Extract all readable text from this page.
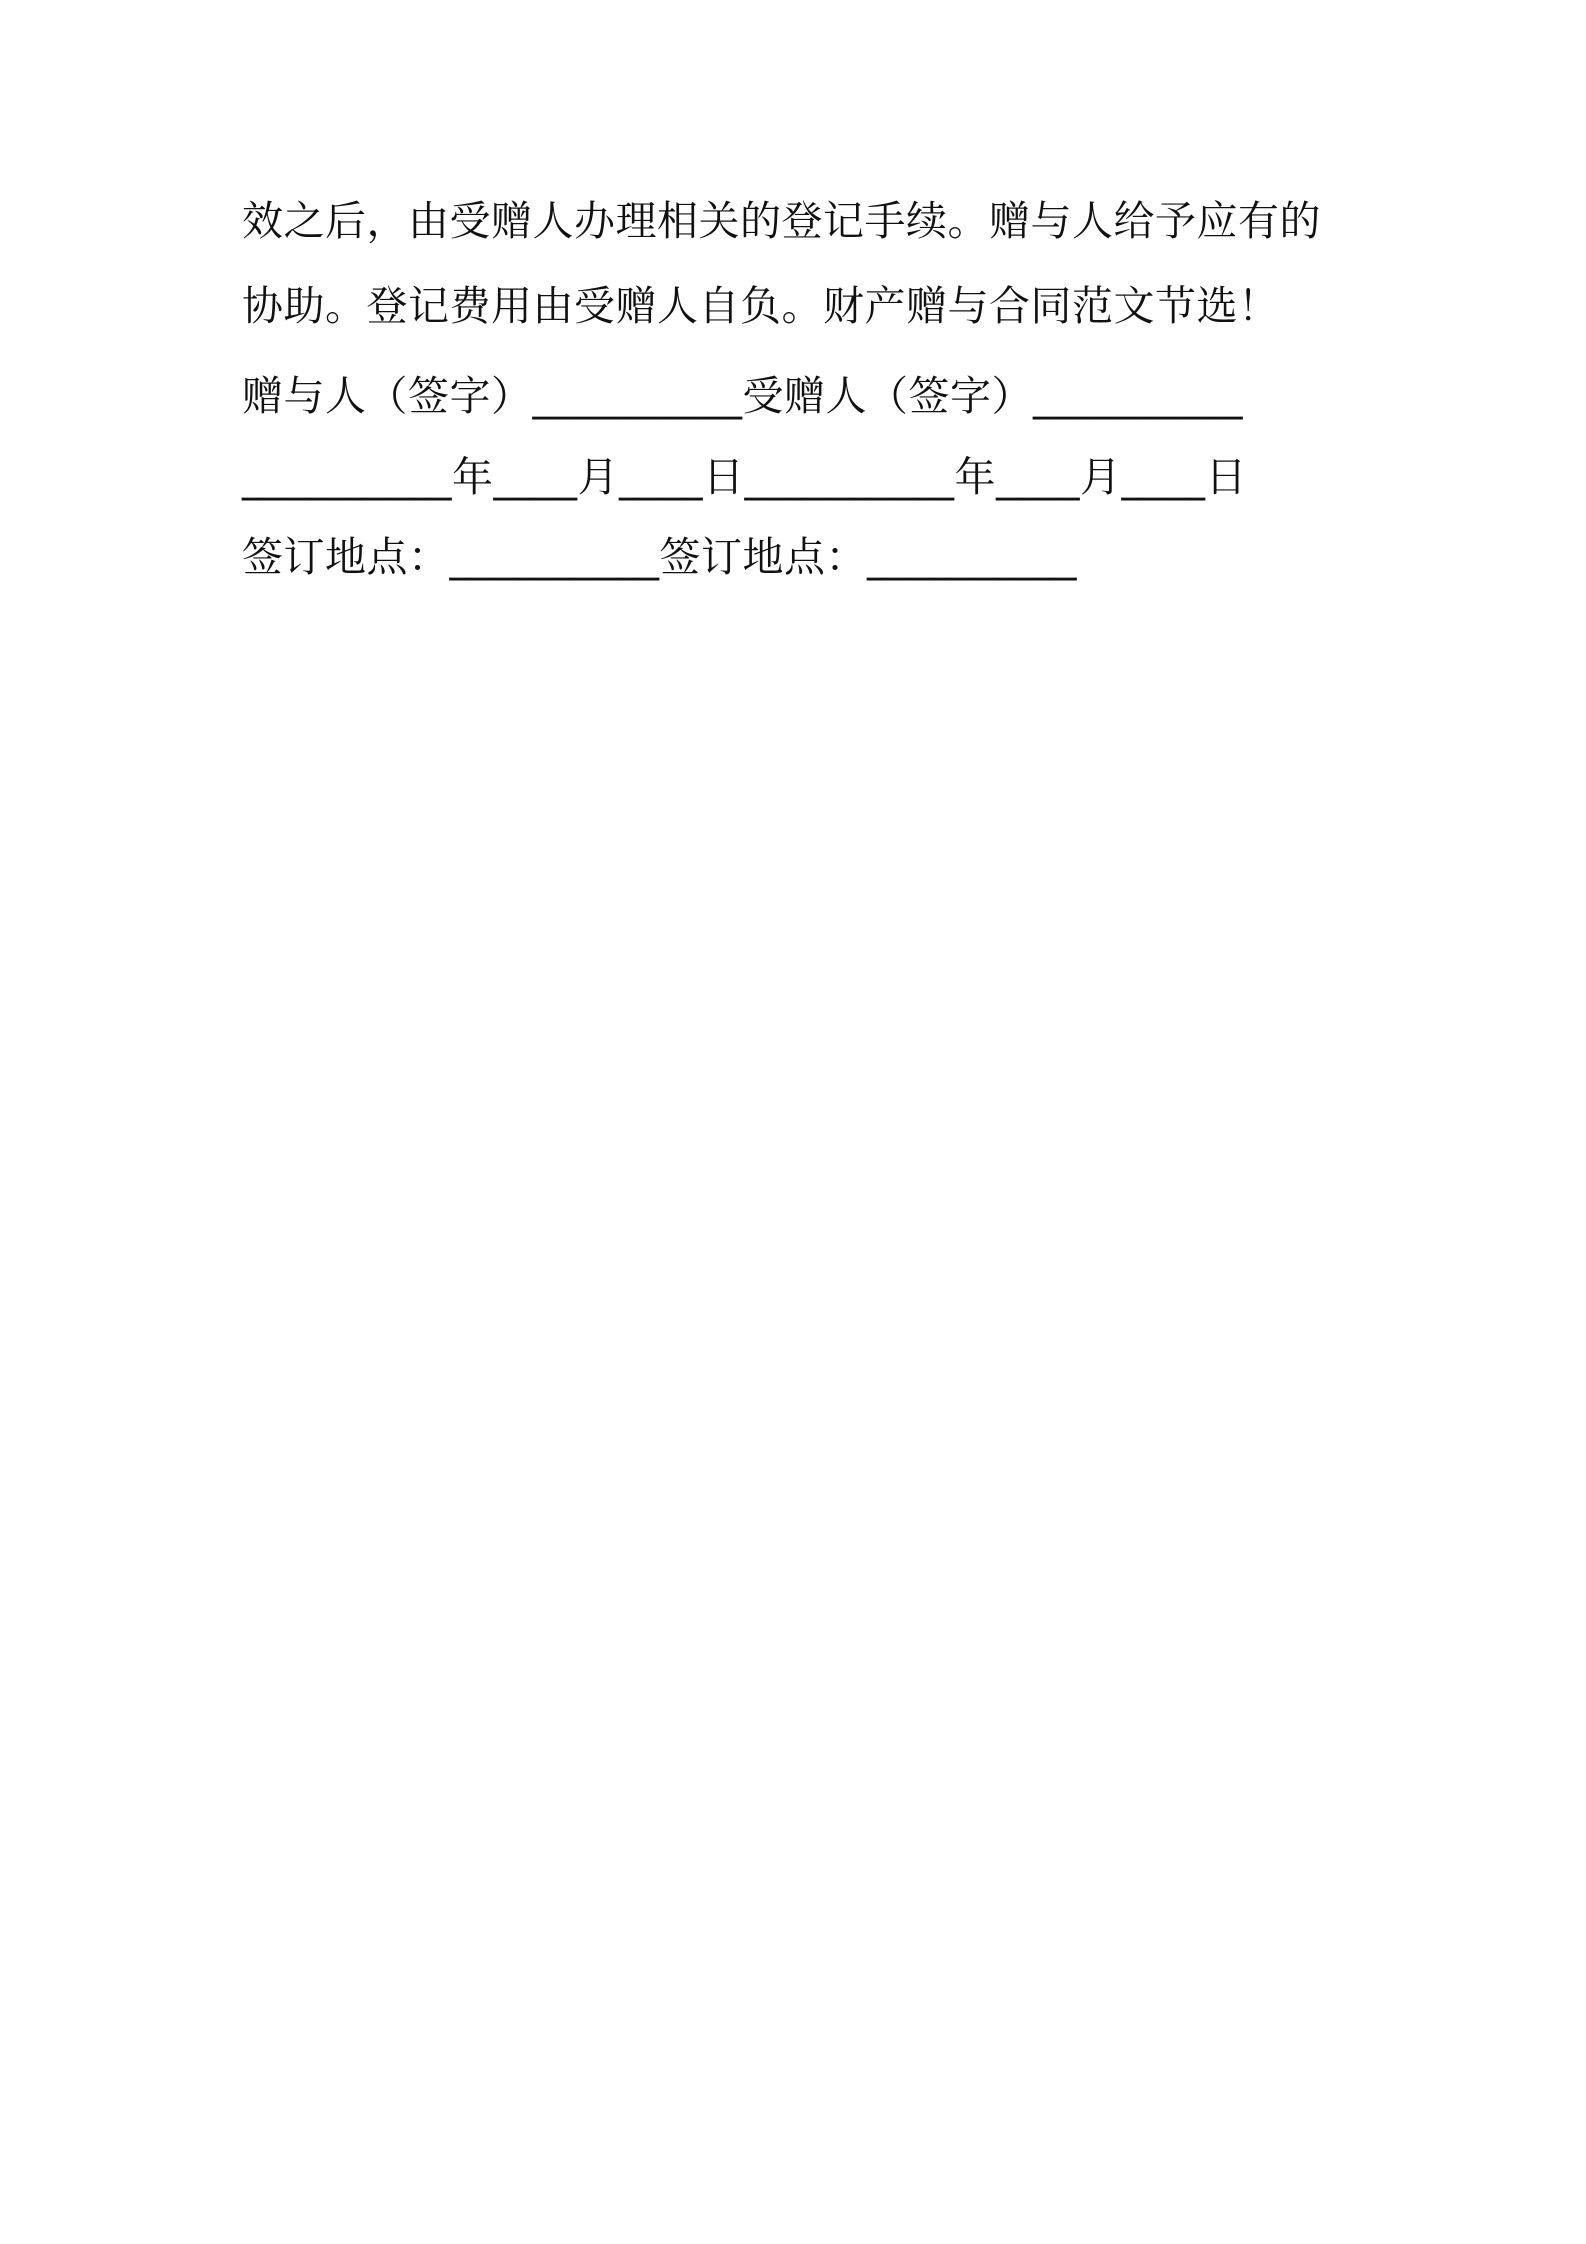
效之后，由受赠人办理相关的登记手续。赠与人给予应有的
协助。登记费用由受赠人自负。财产赠与合同范文节选！
赠与人（签字）__________受赠人（签字）__________
__________年____月____日__________年____月____日
签订地点：__________签订地点：__________
